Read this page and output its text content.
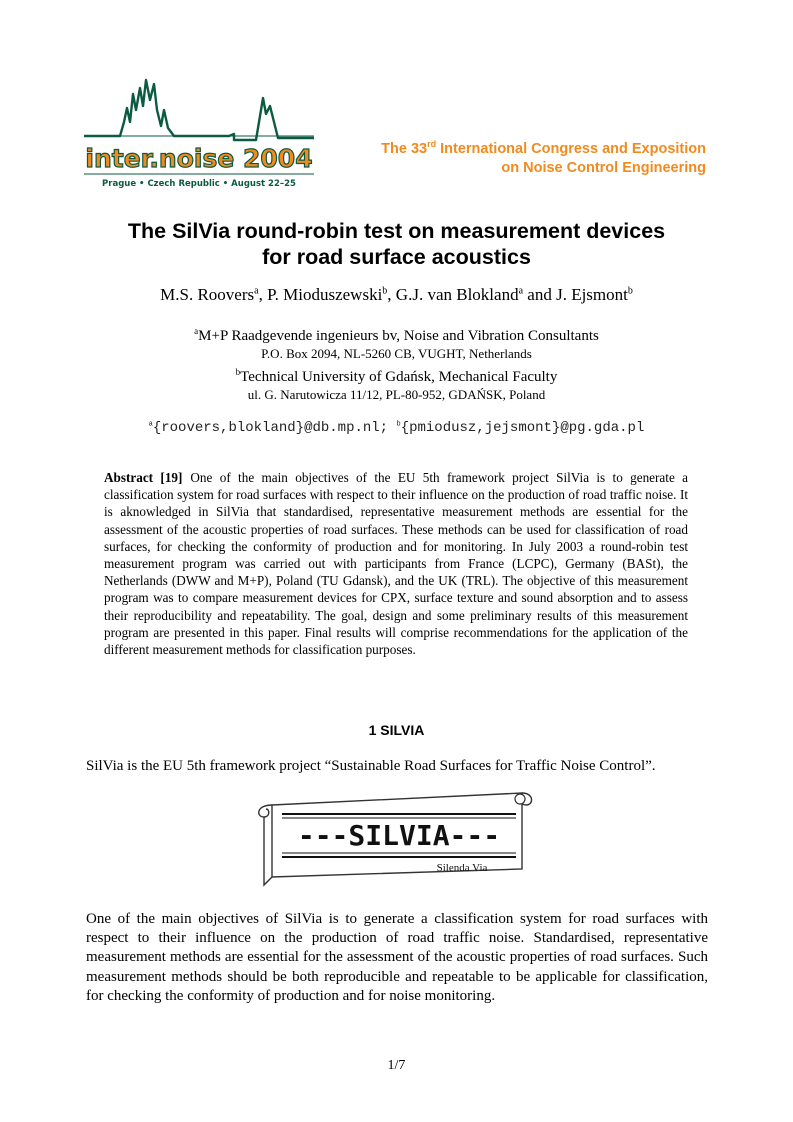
inter.noise 2004
Prague • Czech Republic • August 22–25
The 33rd International Congress and Exposition
on Noise Control Engineering
The SilVia round-robin test on measurement devices
for road surface acoustics
M.S. Roovers$^a$, P. Mioduszewski$^b$, G.J. van Blokland$^a$ and J. Ejsmont$^b$
$^a$M+P Raadgevende ingenieurs bv, Noise and Vibration Consultants
P.O. Box 2094, NL-5260 CB, VUGHT, Netherlands
$^b$Technical University of Gdańsk, Mechanical Faculty
ul. G. Narutowicza 11/12, PL-80-952, GDAŃSK, Poland
$^a${roovers,blokland}@db.mp.nl; $^b${pmiodusz,jejsmont}@pg.gda.pl
Abstract [19] One of the main objectives of the EU 5th framework project SilVia is to generate a classification system for road surfaces with respect to their influence on the production of road traffic noise. It is aknowledged in SilVia that standardised, representative measurement methods are essential for the assessment of the acoustic properties of road surfaces. These methods can be used for classification of road surfaces, for checking the conformity of production and for monitoring. In July 2003 a round-robin test measurement program was carried out with participants from France (LCPC), Germany (BASt), the Netherlands (DWW and M+P), Poland (TU Gdansk), and the UK (TRL). The objective of this measurement program was to compare measurement devices for CPX, surface texture and sound absorption and to assess their reproducibility and repeatability. The goal, design and some preliminary results of this measurement program are presented in this paper. Final results will comprise recommendations for the application of the different measurement methods for classification purposes.
1 SILVIA
SilVia is the EU 5th framework project “Sustainable Road Surfaces for Traffic Noise Control”.
---SILVIA---
Silenda Via
One of the main objectives of SilVia is to generate a classification system for road surfaces with respect to their influence on the production of road traffic noise. Standardised, representative measurement methods are essential for the assessment of the acoustic properties of road surfaces. Such measurement methods should be both reproducible and repeatable to be applicable for classification, for checking the conformity of production and for noise monitoring.
1/7
